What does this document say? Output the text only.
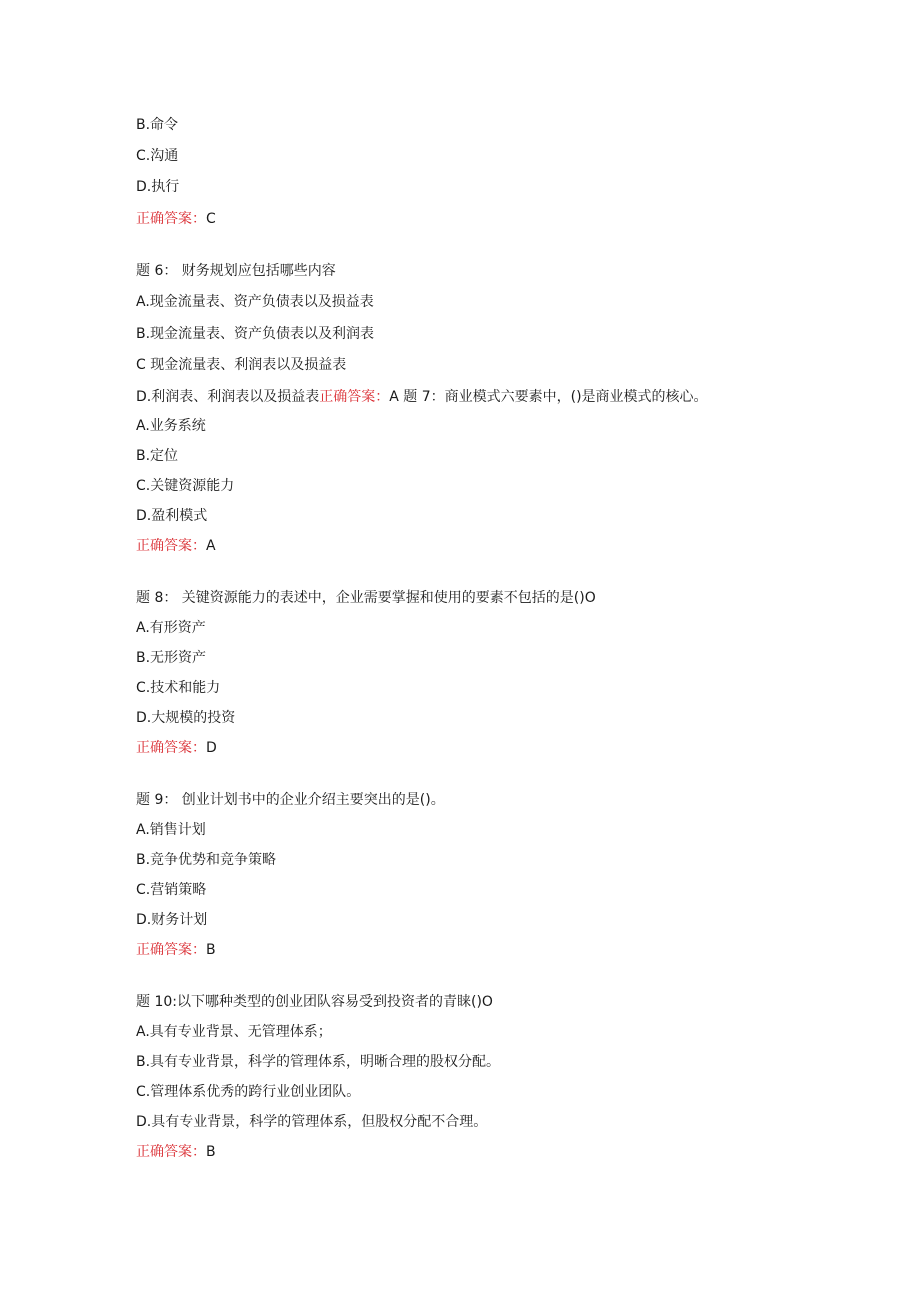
B.命令

C.沟通

D.执行

正确答案：C

题 6： 财务规划应包括哪些内容

A.现金流量表、资产负债表以及损益表

B.现金流量表、资产负债表以及利润表

C 现金流量表、利润表以及损益表

D.利润表、利润表以及损益表正确答案：A 题 7：商业模式六要素中，()是商业模式的核心。

A.业务系统

B.定位

C.关键资源能力

D.盈利模式

正确答案：A

题 8： 关键资源能力的表述中，企业需要掌握和使用的要素不包括的是()O

A.有形资产

B.无形资产

C.技术和能力

D.大规模的投资

正确答案：D

题 9： 创业计划书中的企业介绍主要突出的是()。

A.销售计划

B.竞争优势和竞争策略

C.营销策略

D.财务计划

正确答案：B

题 10:以下哪种类型的创业团队容易受到投资者的青睐()O

A.具有专业背景、无管理体系；

B.具有专业背景，科学的管理体系，明晰合理的股权分配。

C.管理体系优秀的跨行业创业团队。

D.具有专业背景，科学的管理体系，但股权分配不合理。

正确答案：B
